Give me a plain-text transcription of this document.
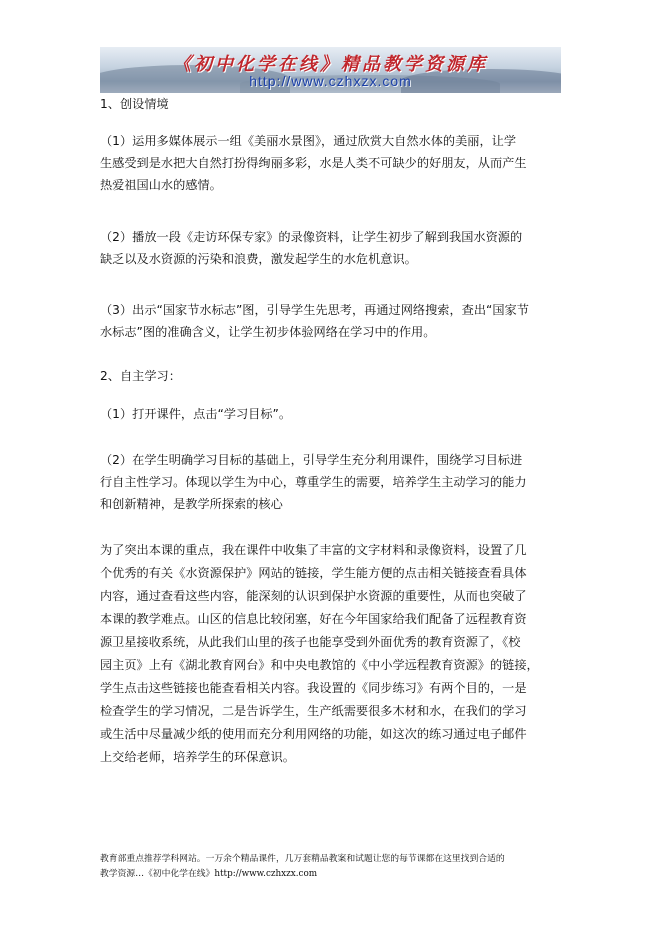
《初中化学在线》精品教学资源库
http://www.czhxzx.com
1、创设情境
（1）运用多媒体展示一组《美丽水景图》，通过欣赏大自然水体的美丽，让学
生感受到是水把大自然打扮得绚丽多彩，水是人类不可缺少的好朋友，从而产生
热爱祖国山水的感情。
（2）播放一段《走访环保专家》的录像资料，让学生初步了解到我国水资源的
缺乏以及水资源的污染和浪费，激发起学生的水危机意识。
（3）出示“国家节水标志”图，引导学生先思考，再通过网络搜索，查出“国家节
水标志”图的准确含义，让学生初步体验网络在学习中的作用。
2、自主学习：
（1）打开课件，点击“学习目标”。
（2）在学生明确学习目标的基础上，引导学生充分利用课件，围绕学习目标进
行自主性学习。体现以学生为中心，尊重学生的需要，培养学生主动学习的能力
和创新精神，是教学所探索的核心
为了突出本课的重点，我在课件中收集了丰富的文字材料和录像资料，设置了几
个优秀的有关《水资源保护》网站的链接，学生能方便的点击相关链接查看具体
内容，通过查看这些内容，能深刻的认识到保护水资源的重要性，从而也突破了
本课的教学难点。山区的信息比较闭塞，好在今年国家给我们配备了远程教育资
源卫星接收系统，从此我们山里的孩子也能享受到外面优秀的教育资源了，《校
园主页》上有《湖北教育网台》和中央电教馆的《中小学远程教育资源》的链接，
学生点击这些链接也能查看相关内容。我设置的《同步练习》有两个目的，一是
检查学生的学习情况，二是告诉学生，生产纸需要很多木材和水，在我们的学习
或生活中尽量减少纸的使用而充分利用网络的功能，如这次的练习通过电子邮件
上交给老师，培养学生的环保意识。
教育部重点推荐学科网站。一万余个精品课件，几万套精品教案和试题让您的每节课都在这里找到合适的
教学资源…《初中化学在线》http://www.czhxzx.com
